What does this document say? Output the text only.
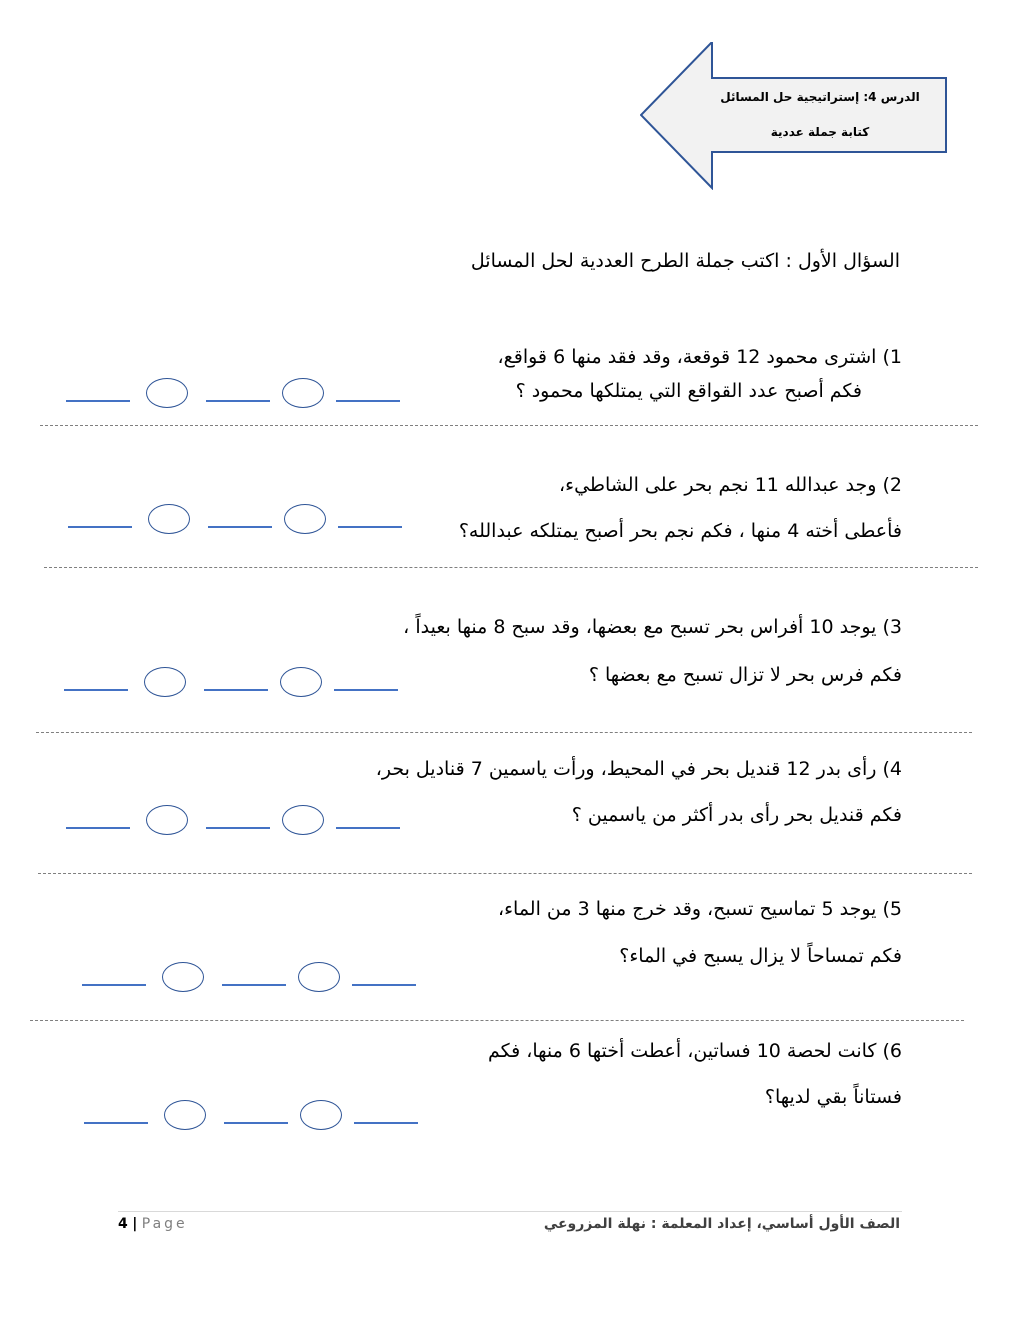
الدرس 4: إستراتيجية حل المسائل
كتابة جملة عددية
السؤال الأول : اكتب جملة الطرح العددية لحل المسائل
1) اشترى محمود 12 قوقعة، وقد فقد منها 6 قواقع،
فكم أصبح عدد القواقع التي يمتلكها محمود ؟
2) وجد عبدالله 11 نجم بحر على الشاطيء،
فأعطى أخته 4 منها ، فكم نجم بحر أصبح يمتلكه عبدالله؟
3) يوجد 10 أفراس بحر تسبح مع بعضها، وقد سبح 8 منها بعيداً ،
فكم فرس بحر لا تزال تسبح مع بعضها ؟
4) رأى بدر 12 قنديل بحر في المحيط، ورأت ياسمين 7 قناديل بحر،
فكم قنديل بحر رأى بدر أكثر من ياسمين ؟
5) يوجد 5 تماسيح تسبح، وقد خرج منها 3 من الماء،
فكم تمساحاً لا يزال يسبح في الماء؟
6) كانت لحصة 10 فساتين، أعطت أختها 6 منها، فكم
فستاناً بقي لديها؟
الصف الأول أساسي، إعداد المعلمة : نهلة المزروعي
4 | Page
